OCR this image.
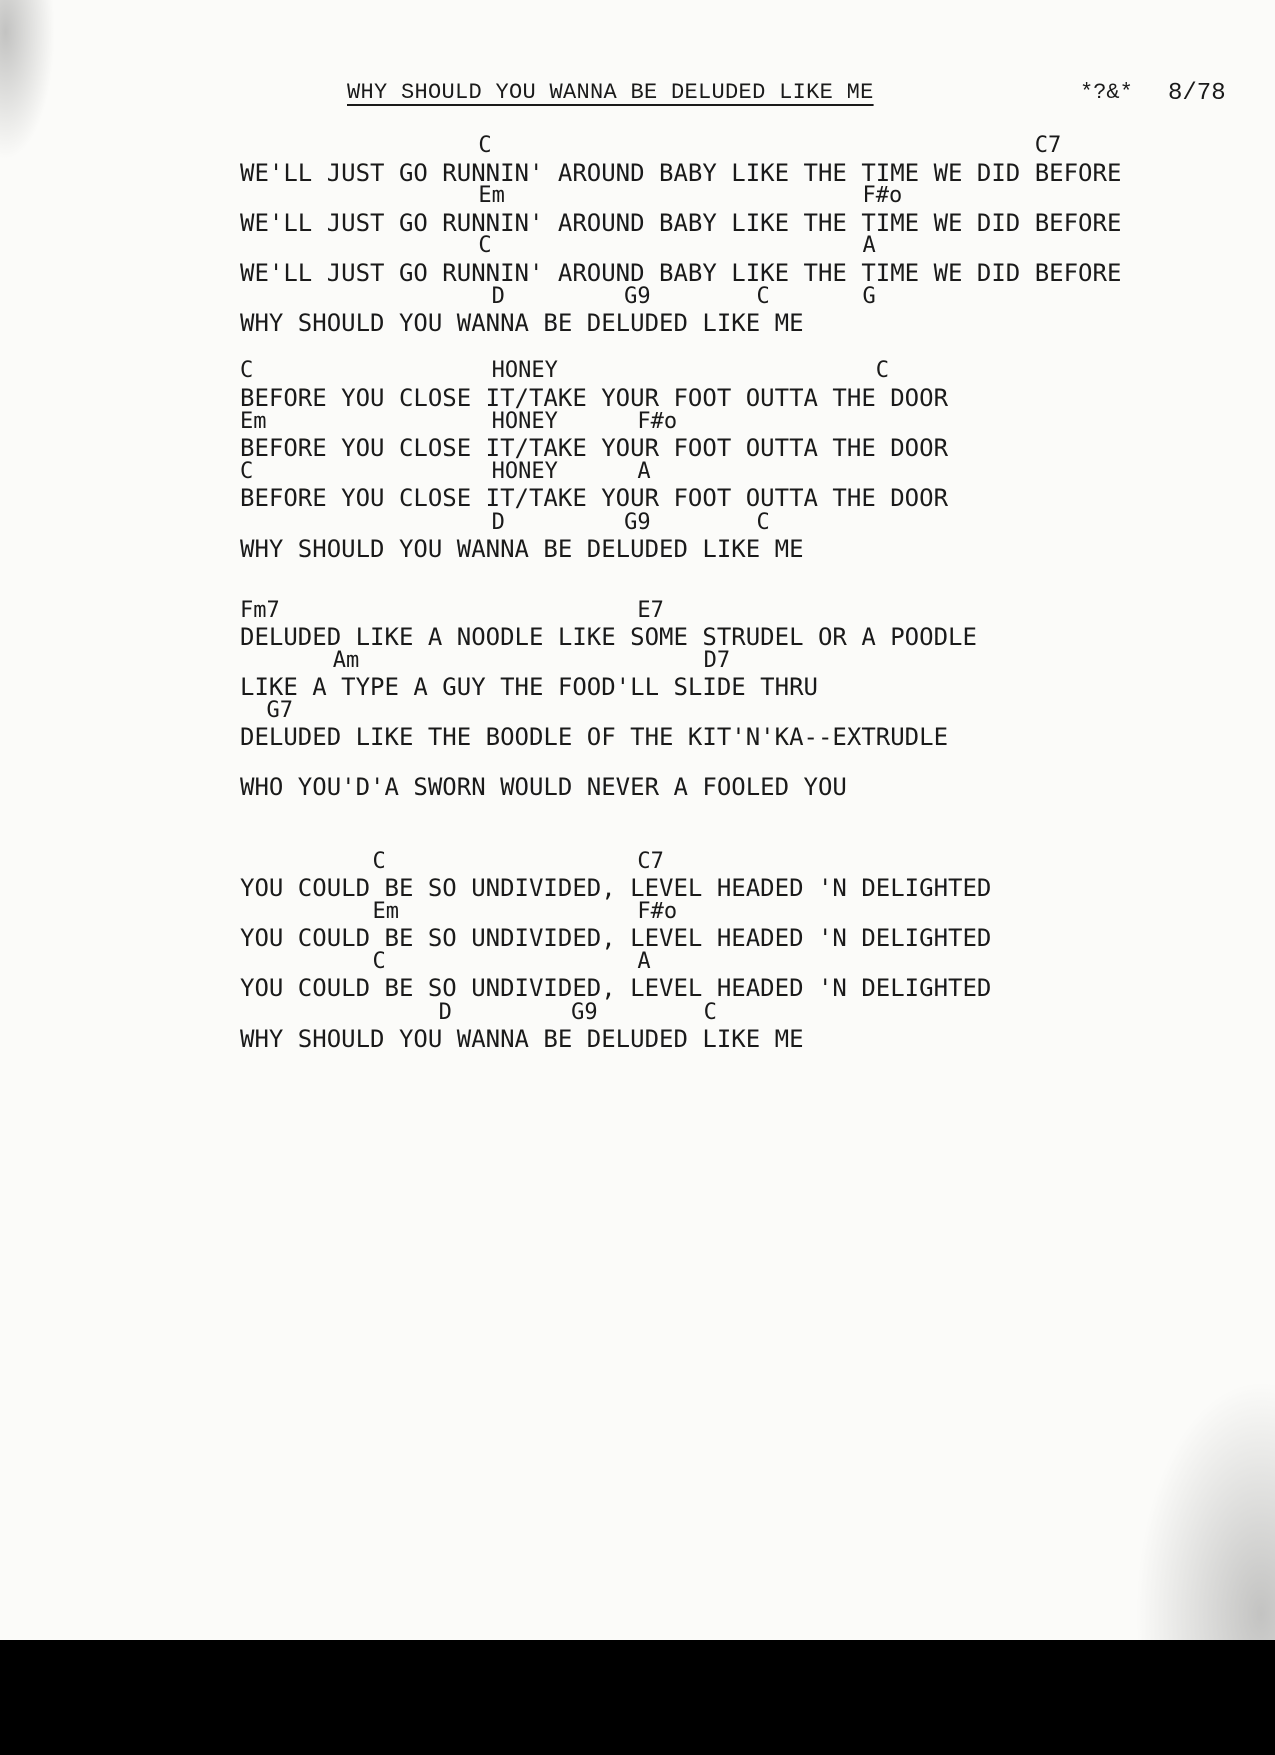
WHY SHOULD YOU WANNA BE DELUDED LIKE ME	*?&* 8/78
C                                         C7
WE'LL JUST GO RUNNIN' AROUND BABY LIKE THE TIME WE DID BEFORE
Em                           F#o
WE'LL JUST GO RUNNIN' AROUND BABY LIKE THE TIME WE DID BEFORE
C                            A
WE'LL JUST GO RUNNIN' AROUND BABY LIKE THE TIME WE DID BEFORE
D         G9        C       G
WHY SHOULD YOU WANNA BE DELUDED LIKE ME
C                  HONEY                        C
BEFORE YOU CLOSE IT/TAKE YOUR FOOT OUTTA THE DOOR
Em                 HONEY      F#o
BEFORE YOU CLOSE IT/TAKE YOUR FOOT OUTTA THE DOOR
C                  HONEY      A
BEFORE YOU CLOSE IT/TAKE YOUR FOOT OUTTA THE DOOR
D         G9        C
WHY SHOULD YOU WANNA BE DELUDED LIKE ME
Fm7                           E7
DELUDED LIKE A NOODLE LIKE SOME STRUDEL OR A POODLE
Am                          D7
LIKE A TYPE A GUY THE FOOD'LL SLIDE THRU
G7
DELUDED LIKE THE BOODLE OF THE KIT'N'KA--EXTRUDLE
WHO YOU'D'A SWORN WOULD NEVER A FOOLED YOU
C                   C7
YOU COULD BE SO UNDIVIDED, LEVEL HEADED 'N DELIGHTED
Em                  F#o
YOU COULD BE SO UNDIVIDED, LEVEL HEADED 'N DELIGHTED
C                   A
YOU COULD BE SO UNDIVIDED, LEVEL HEADED 'N DELIGHTED
D         G9        C
WHY SHOULD YOU WANNA BE DELUDED LIKE ME
